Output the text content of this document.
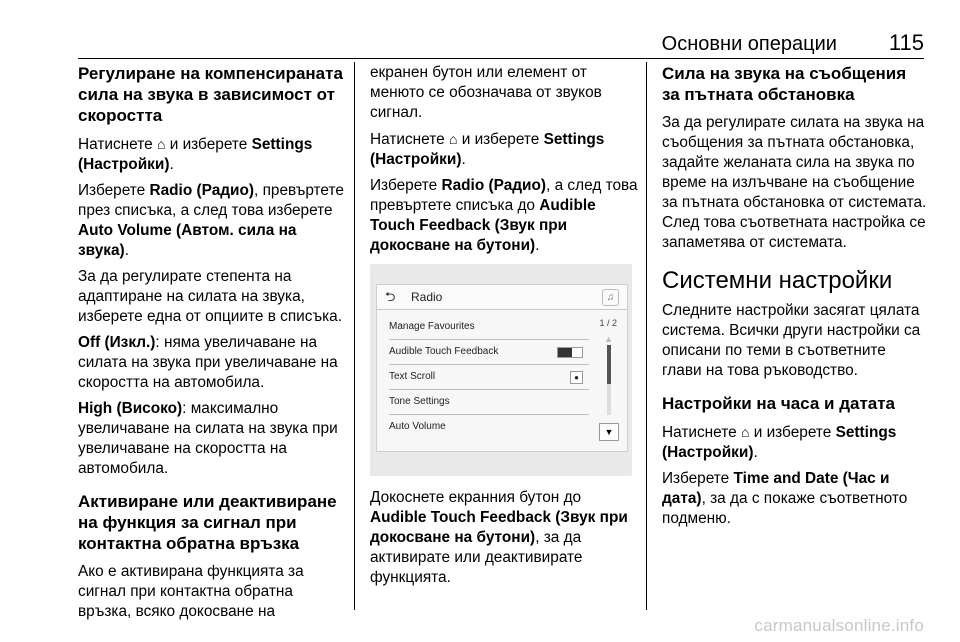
Основни операции 115
Регулиране на компенсираната сила на звука в зависимост от скоростта

Натиснете ⌂ и изберете Settings (Настройки).

Изберете Radio (Радио), превъртете през списъка, а след това изберете Auto Volume (Автом. сила на звука).

За да регулирате степента на адаптиране на силата на звука, изберете една от опциите в списъка.

Off (Изкл.): няма увеличаване на силата на звука при увеличаване на скоростта на автомобила.

High (Високо): максимално увеличаване на силата на звука при увеличаване на скоростта на автомобила.

Активиране или деактивиране на функция за сигнал при контактна обратна връзка

Ако е активирана функцията за сигнал при контактна обратна връзка, всяко докосване на

екранен бутон или елемент от менюто се обозначава от звуков сигнал.

Натиснете ⌂ и изберете Settings (Настройки).

Изберете Radio (Радио), а след това превъртете списъка до Audible Touch Feedback (Звук при докосване на бутони).

⮌	Radio	♫
Manage Favourites
Audible Touch Feedback
Text Scroll	●
Tone Settings
Auto Volume
1 / 2
▲
▼

Докоснете екранния бутон до Audible Touch Feedback (Звук при докосване на бутони), за да активирате или деактивирате функцията.

Сила на звука на съобщения за пътната обстановка

За да регулирате силата на звука на съобщения за пътната обстановка, задайте желаната сила на звука по време на излъчване на съобщение за пътната обстановка от системата. След това съответната настройка се запаметява от системата.

Системни настройки

Следните настройки засягат цялата система. Всички други настройки са описани по теми в съответните глави на това ръководство.

Настройки на часа и датата

Натиснете ⌂ и изберете Settings (Настройки).

Изберете Time and Date (Час и дата), за да с покаже съответното подменю.

carmanualsonline.info
